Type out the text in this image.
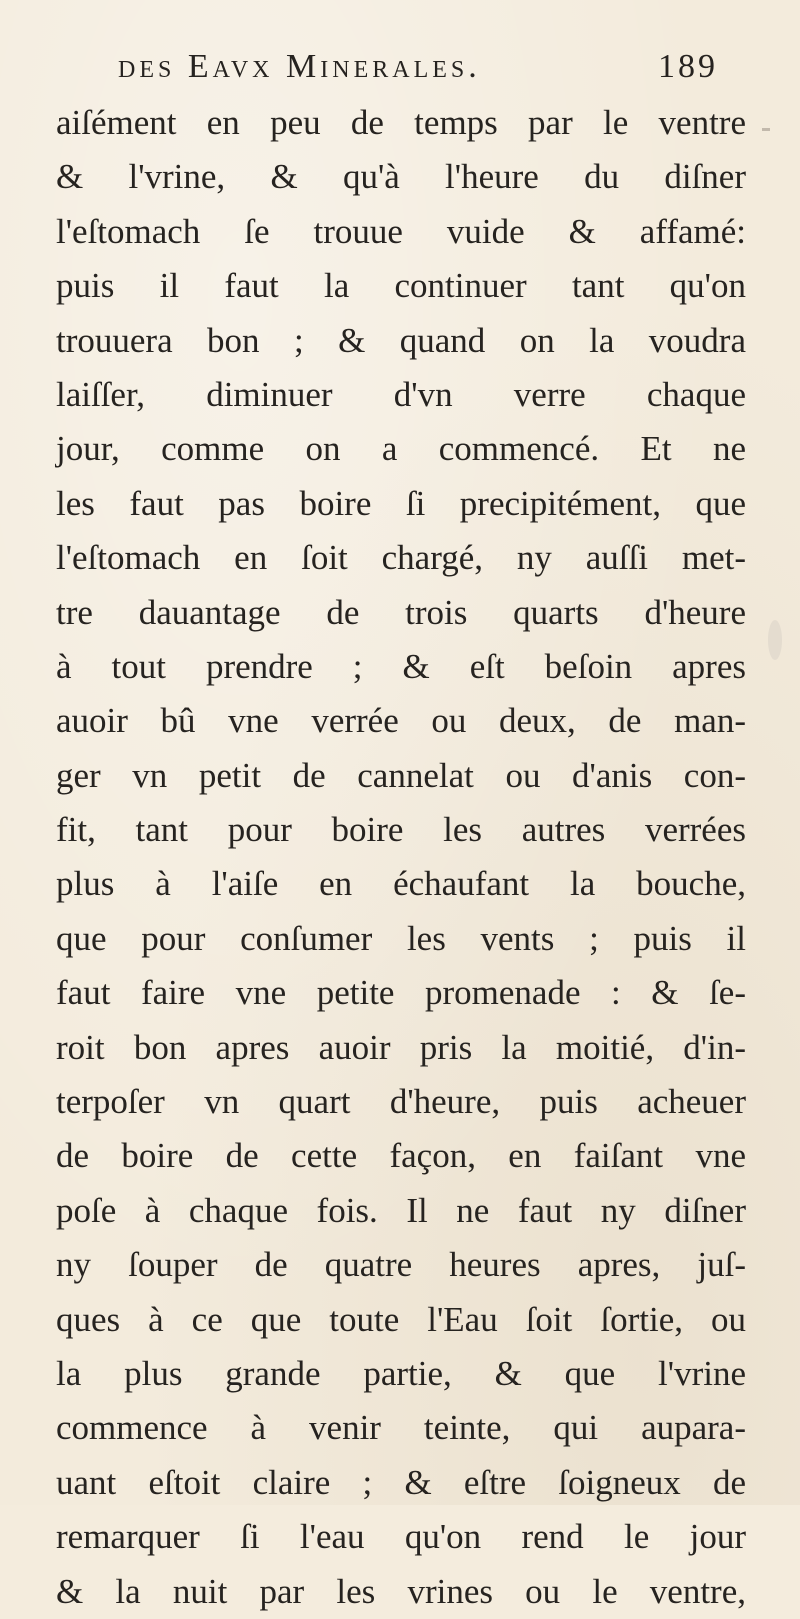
des Eavx Minerales.	189
aiſément en peu de temps par le ventre
& l'vrine, & qu'à l'heure du diſner
l'eſtomach ſe trouue vuide & affamé:
puis il faut la continuer tant qu'on
trouuera bon ; & quand on la voudra
laiſſer, diminuer d'vn verre chaque
jour, comme on a commencé. Et ne
les faut pas boire ſi precipitément, que
l'eſtomach en ſoit chargé, ny auſſi met-
tre dauantage de trois quarts d'heure
à tout prendre ; & eſt beſoin apres
auoir bû vne verrée ou deux, de man-
ger vn petit de cannelat ou d'anis con-
fit, tant pour boire les autres verrées
plus à l'aiſe en échaufant la bouche,
que pour conſumer les vents ; puis il
faut faire vne petite promenade : & ſe-
roit bon apres auoir pris la moitié, d'in-
terpoſer vn quart d'heure, puis acheuer
de boire de cette façon, en faiſant vne
poſe à chaque fois. Il ne faut ny diſner
ny ſouper de quatre heures apres, juſ-
ques à ce que toute l'Eau ſoit ſortie, ou
la plus grande partie, & que l'vrine
commence à venir teinte, qui aupara-
uant eſtoit claire ; & eſtre ſoigneux de
remarquer ſi l'eau qu'on rend le jour
& la nuit par les vrines ou le ventre,
